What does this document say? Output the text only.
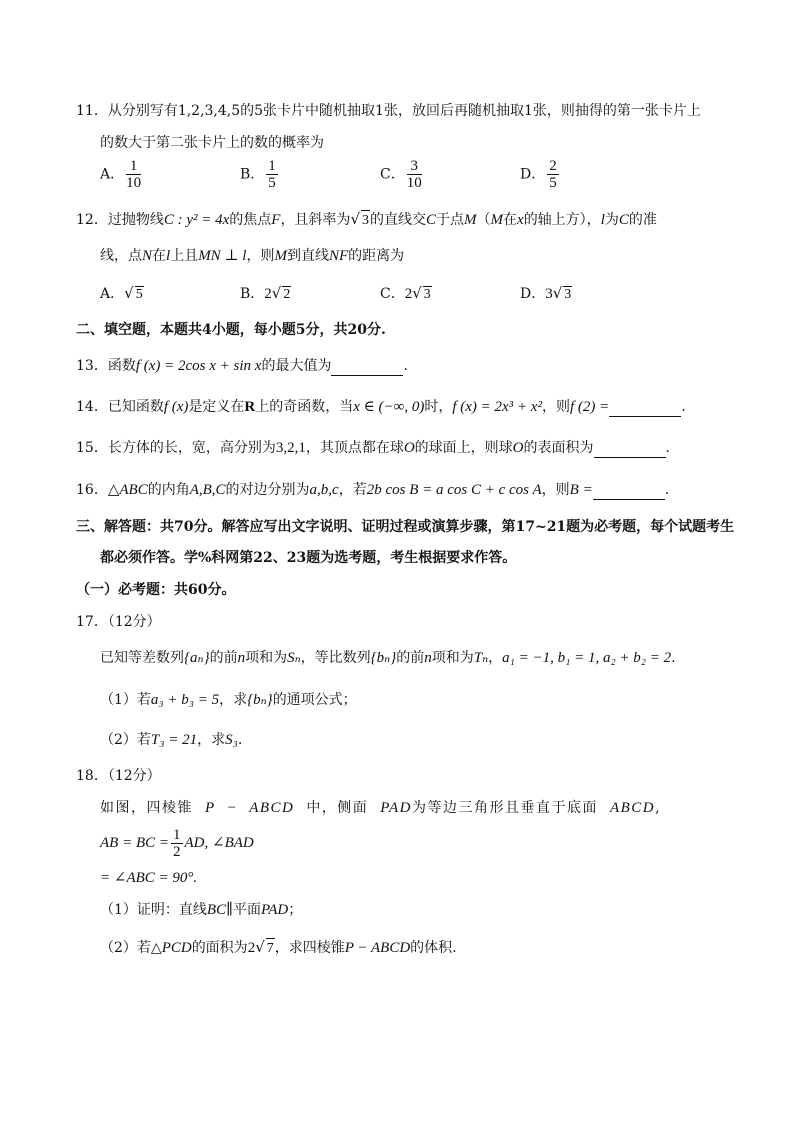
11．从分别写有1,2,3,4,5的5张卡片中随机抽取1张，放回后再随机抽取1张，则抽得的第一张卡片上
的数大于第二张卡片上的数的概率为
A． $\frac{1}{10}$	B． $\frac{1}{5}$	C． $\frac{3}{10}$	D． $\frac{2}{5}$
12．过抛物线C : y² = 4x的焦点F，且斜率为√ 3的直线交C于点M（M在x的轴上方），l为C的准
线，点N在l上且MN ⊥ l，则M到直线NF的距离为
A．√ 5	B．2√ 2	C．2√ 3	D．3√ 3
二、填空题，本题共4小题，每小题5分，共20分.
13．函数f (x) = 2cos x + sin x的最大值为	.
14．已知函数f (x)是定义在R上的奇函数，当x ∈ (−∞, 0)时，f (x) = 2x³ + x²，则f (2) =	.
15．长方体的长，宽，高分别为3,2,1，其顶点都在球O的球面上，则球O的表面积为	.
16．△ABC的内角A,B,C的对边分别为a,b,c，若2b cos B = a cos C + c cos A，则B =	.
三、解答题：共70分。解答应写出文字说明、证明过程或演算步骤，第17~21题为必考题，每个试题考生
都必须作答。学%科网第22、23题为选考题，考生根据要求作答。
（一）必考题：共60分。
17．（12分）
已知等差数列{aₙ}的前n项和为Sₙ，等比数列{bₙ}的前n项和为Tₙ，a₁ = −1, b₁ = 1, a₂ + b₂ = 2.
（1）若a₃ + b₃ = 5，求{bₙ}的通项公式；
（2）若T₃ = 21，求S₃.
18．（12分）
如图，四棱锥 P − ABCD 中，侧面 PAD为等边三角形且垂直于底面 ABCD,
AB = BC = $\frac{1}{2}$ AD, ∠BAD
= ∠ABC = 90°.
（1）证明：直线BC∥平面PAD；
（2）若△PCD的面积为2√ 7，求四棱锥P − ABCD的体积.
